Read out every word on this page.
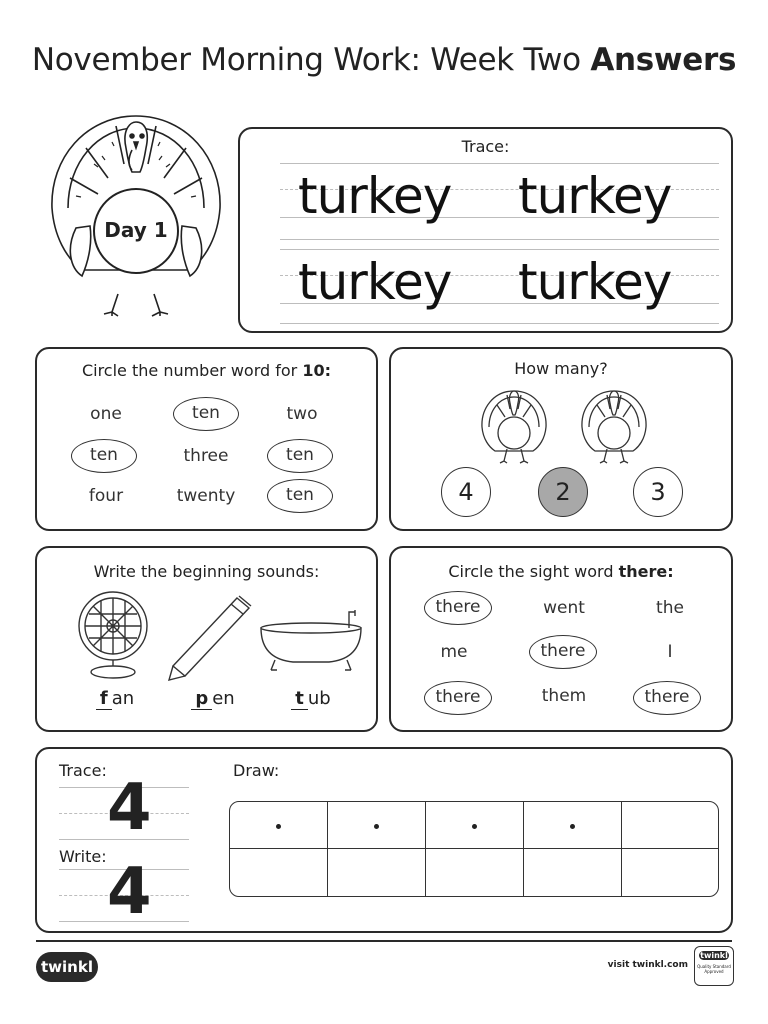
November Morning Work: Week Two Answers
Day 1
Trace:
turkey turkey
turkey turkey
Circle the number word for 10:
one	ten	two
ten	three	ten
four	twenty	ten
How many?
4	2	3
Write the beginning sounds:
f an	p en	t ub
Circle the sight word there:
there	went	the
me	there	I
there	them	there
Trace:
4
Write: 4
Draw:
twinkl	visit twinkl.com
twinkl
Quality Standard Approved
